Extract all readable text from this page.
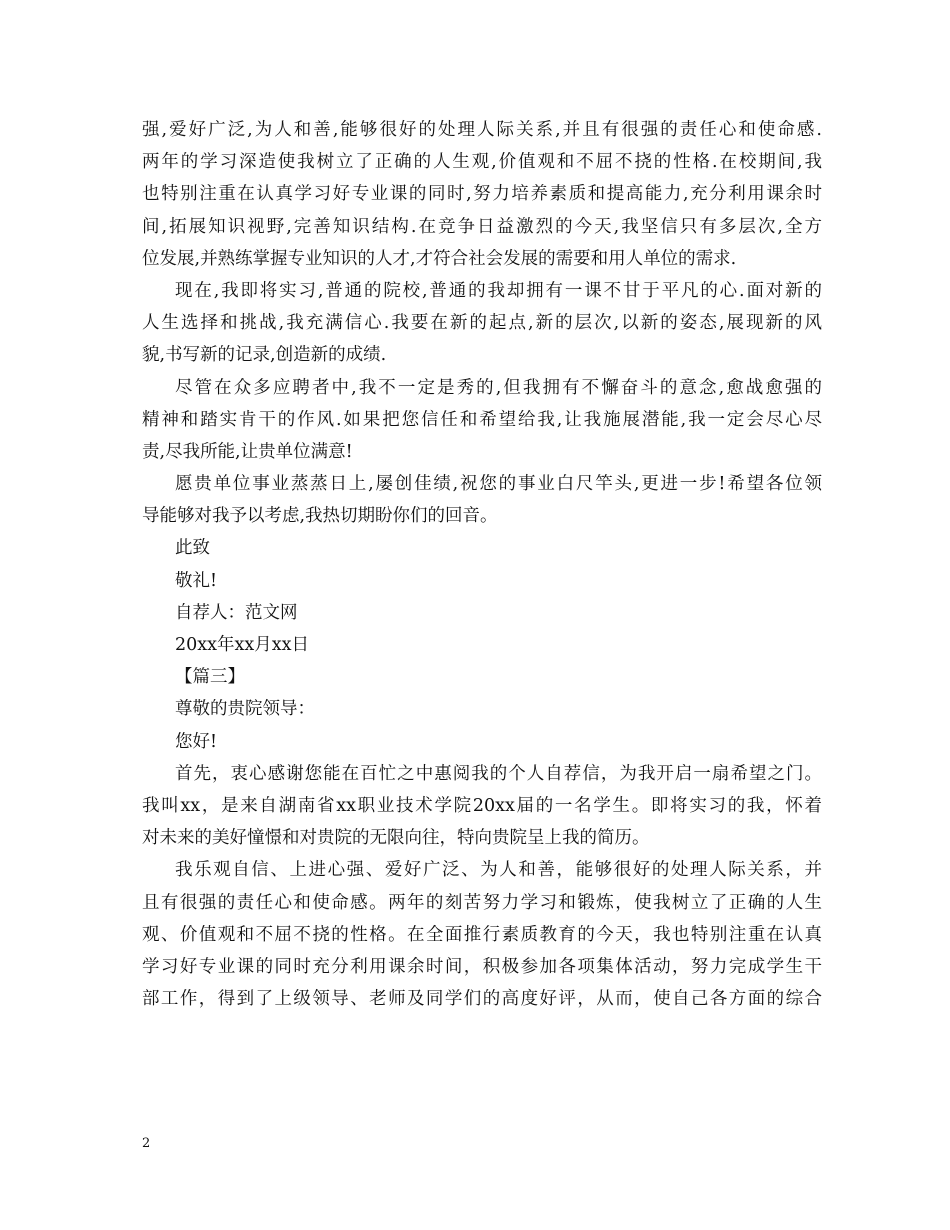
强,爱好广泛,为人和善,能够很好的处理人际关系,并且有很强的责任心和使命感.
两年的学习深造使我树立了正确的人生观,价值观和不屈不挠的性格.在校期间,我
也特别注重在认真学习好专业课的同时,努力培养素质和提高能力,充分利用课余时
间,拓展知识视野,完善知识结构.在竞争日益激烈的今天,我坚信只有多层次,全方
位发展,并熟练掌握专业知识的人才,才符合社会发展的需要和用人单位的需求.
现在,我即将实习,普通的院校,普通的我却拥有一课不甘于平凡的心.面对新的
人生选择和挑战,我充满信心.我要在新的起点,新的层次,以新的姿态,展现新的风
貌,书写新的记录,创造新的成绩.
尽管在众多应聘者中,我不一定是秀的,但我拥有不懈奋斗的意念,愈战愈强的
精神和踏实肯干的作风.如果把您信任和希望给我,让我施展潜能,我一定会尽心尽
责,尽我所能,让贵单位满意!
愿贵单位事业蒸蒸日上,屡创佳绩,祝您的事业白尺竿头,更进一步!希望各位领
导能够对我予以考虑,我热切期盼你们的回音。
此致
敬礼!
自荐人：范文网
20xx年xx月xx日
【篇三】
尊敬的贵院领导：
您好!
首先，衷心感谢您能在百忙之中惠阅我的个人自荐信，为我开启一扇希望之门。
我叫xx，是来自湖南省xx职业技术学院20xx届的一名学生。即将实习的我，怀着
对未来的美好憧憬和对贵院的无限向往，特向贵院呈上我的简历。
我乐观自信、上进心强、爱好广泛、为人和善，能够很好的处理人际关系，并
且有很强的责任心和使命感。两年的刻苦努力学习和锻炼，使我树立了正确的人生
观、价值观和不屈不挠的性格。在全面推行素质教育的今天，我也特别注重在认真
学习好专业课的同时充分利用课余时间，积极参加各项集体活动，努力完成学生干
部工作，得到了上级领导、老师及同学们的高度好评，从而，使自己各方面的综合
2
